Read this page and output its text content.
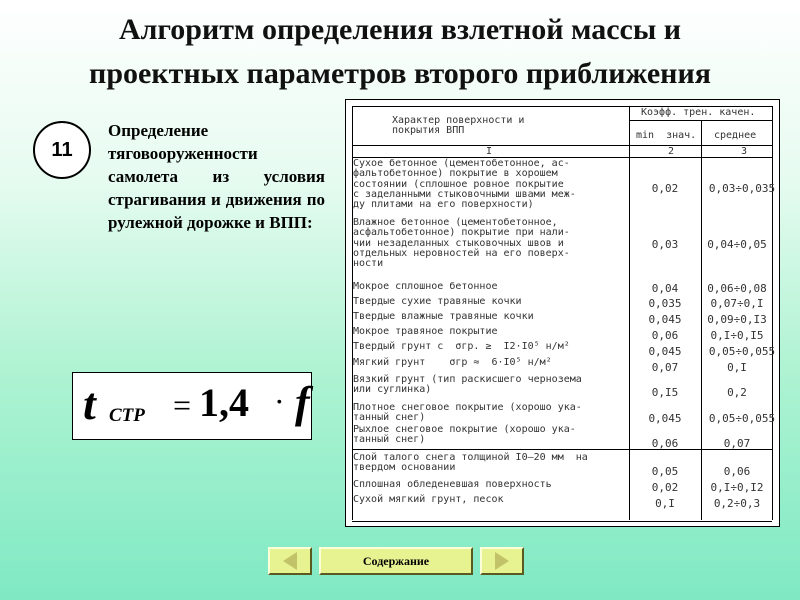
Алгоритм определения взлетной массы и
проектных параметров второго приближения
11
Определение тяговооруженности самолета из условия страгивания и движения по рулежной дорожке и ВПП:
t СТР = 1,4 · f
Характер поверхности и
покрытия ВПП
Коэфф. трен. качен.
min  знач. среднее
I	2	3
Сухое бетонное (цементобетонное, ас-
фальтобетонное) покрытие в хорошем
состоянии (сплошное ровное покрытие
с заделанными стыковочными швами меж-
ду плитами на его поверхности)
0,02	0,03÷0,035
Влажное бетонное (цементобетонное,
асфальтобетонное) покрытие при нали-
чии незаделанных стыковочных швов и
отдельных неровностей на его поверх-
ности
0,03	0,04÷0,05
Мокрое сплошное бетонное	0,04	0,06÷0,08
Твердые сухие травяные кочки	0,035	0,07÷0,I
Твердые влажные травяные кочки	0,045	0,09÷0,I3
Мокрое травяное покрытие	0,06	0,I÷0,I5
Твердый грунт с  σгр. ≥  I2·I0⁵ н/м²	0,045	0,05÷0,055
Мягкий грунт    σгр ≈  6·I0⁵ н/м²	0,07	0,I
Вязкий грунт (тип раскисшего чернозема
или суглинка)	0,I5	0,2
Плотное снеговое покрытие (хорошо ука-
танный снег)	0,045	0,05÷0,055
Рыхлое снеговое покрытие (хорошо ука-
танный снег)	0,06	0,07
Слой талого снега толщиной I0–20 мм  на
твердом основании	0,05	0,06
Сплошная обледеневшая поверхность	0,02	0,I÷0,I2
Сухой мягкий грунт, песок	0,I	0,2÷0,3
Содержание
